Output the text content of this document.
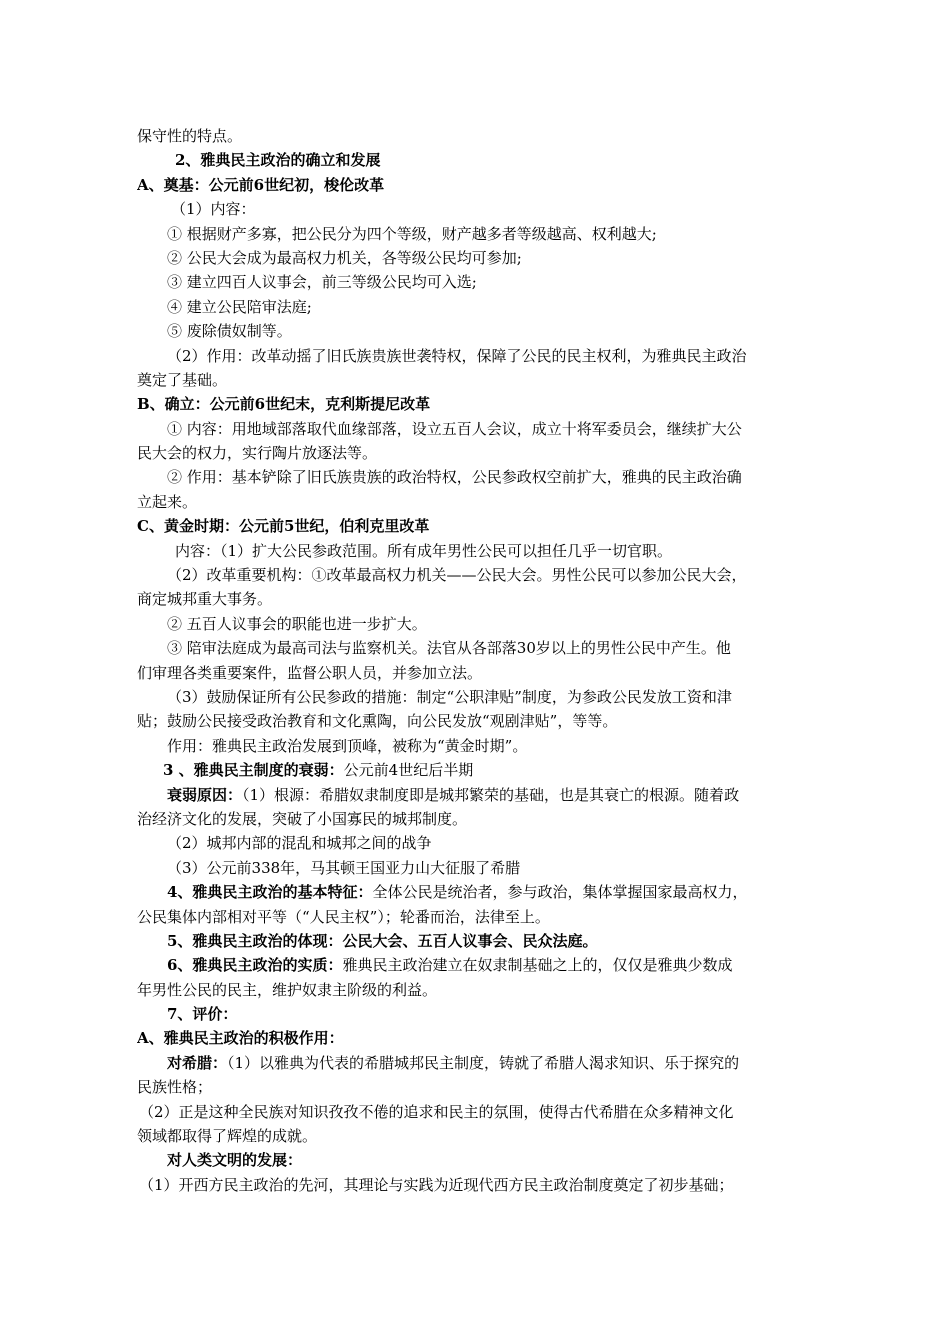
保守性的特点。
2、雅典民主政治的确立和发展
A、奠基：公元前6世纪初，梭伦改革
（1）内容：
① 根据财产多寡，把公民分为四个等级，财产越多者等级越高、权利越大;
② 公民大会成为最高权力机关，各等级公民均可参加;
③ 建立四百人议事会，前三等级公民均可入选;
④ 建立公民陪审法庭;
⑤ 废除债奴制等。
（2）作用：改革动摇了旧氏族贵族世袭特权，保障了公民的民主权利，为雅典民主政治
奠定了基础。
B、确立：公元前6世纪末，克利斯提尼改革
① 内容：用地域部落取代血缘部落，设立五百人会议，成立十将军委员会，继续扩大公
民大会的权力，实行陶片放逐法等。
② 作用：基本铲除了旧氏族贵族的政治特权，公民参政权空前扩大，雅典的民主政治确
立起来。
C、黄金时期：公元前5世纪，伯利克里改革
内容：（1）扩大公民参政范围。所有成年男性公民可以担任几乎一切官职。
（2）改革重要机构：①改革最高权力机关——公民大会。男性公民可以参加公民大会，
商定城邦重大事务。
② 五百人议事会的职能也进一步扩大。
③ 陪审法庭成为最高司法与监察机关。法官从各部落30岁以上的男性公民中产生。他
们审理各类重要案件，监督公职人员，并参加立法。
（3）鼓励保证所有公民参政的措施：制定“公职津贴”制度，为参政公民发放工资和津
贴；鼓励公民接受政治教育和文化熏陶，向公民发放“观剧津贴”，等等。
作用：雅典民主政治发展到顶峰，被称为“黄金时期”。
3 、雅典民主制度的衰弱：公元前4世纪后半期
衰弱原因：（1）根源：希腊奴隶制度即是城邦繁荣的基础，也是其衰亡的根源。随着政
治经济文化的发展，突破了小国寡民的城邦制度。
（2）城邦内部的混乱和城邦之间的战争
（3）公元前338年，马其顿王国亚力山大征服了希腊
4、雅典民主政治的基本特征：全体公民是统治者，参与政治，集体掌握国家最高权力，
公民集体内部相对平等（“人民主权”）；轮番而治，法律至上。
5、雅典民主政治的体现：公民大会、五百人议事会、民众法庭。
6、雅典民主政治的实质：雅典民主政治建立在奴隶制基础之上的，仅仅是雅典少数成
年男性公民的民主，维护奴隶主阶级的利益。
7、评价：
A、雅典民主政治的积极作用：
对希腊：（1）以雅典为代表的希腊城邦民主制度，铸就了希腊人渴求知识、乐于探究的
民族性格；
（2）正是这种全民族对知识孜孜不倦的追求和民主的氛围，使得古代希腊在众多精神文化
领域都取得了辉煌的成就。
对人类文明的发展：
（1）开西方民主政治的先河，其理论与实践为近现代西方民主政治制度奠定了初步基础；
